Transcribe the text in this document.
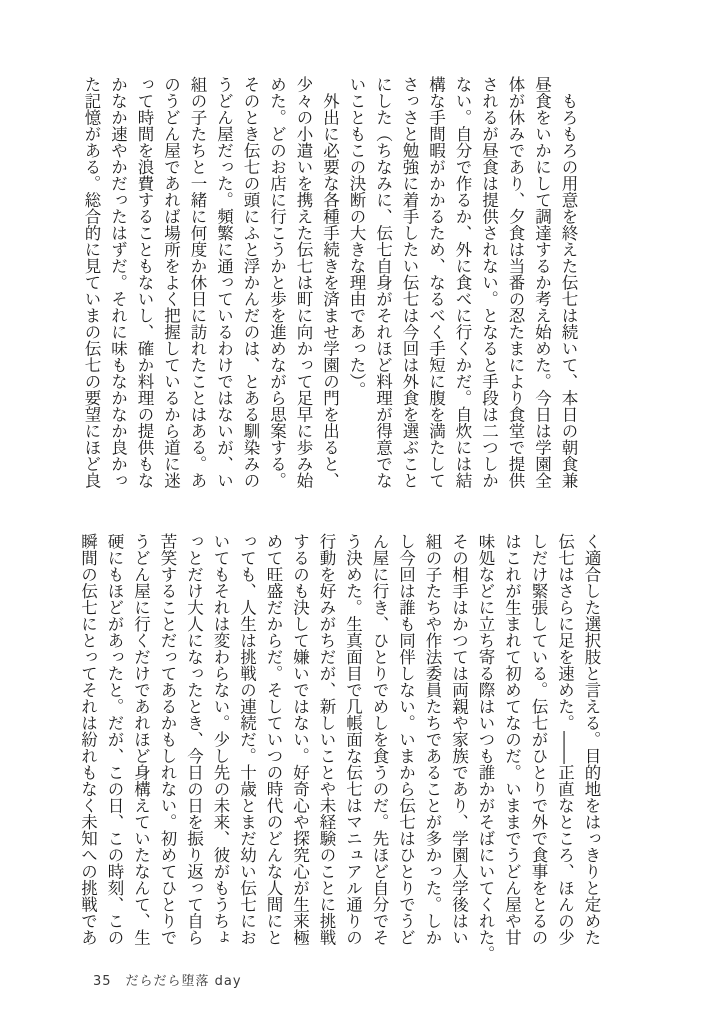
　もろもろの用意を終えた伝七は続いて、本日の朝食兼
昼食をいかにして調達するか考え始めた。今日は学園全
体が休みであり、夕食は当番の忍たまにより食堂で提供
されるが昼食は提供されない。となると手段は二つしか
ない。自分で作るか、外に食べに行くかだ。自炊には結
構な手間暇がかかるため、なるべく手短に腹を満たして
さっさと勉強に着手したい伝七は今回は外食を選ぶこと
にした（ちなみに、伝七自身がそれほど料理が得意でな
いこともこの決断の大きな理由であった）。
　外出に必要な各種手続きを済ませ学園の門を出ると、
少々の小遣いを携えた伝七は町に向かって足早に歩み始
めた。どのお店に行こうかと歩を進めながら思案する。
そのとき伝七の頭にふと浮かんだのは、とある馴染みの
うどん屋だった。頻繁に通っているわけではないが、い
組の子たちと一緒に何度か休日に訪れたことはある。あ
のうどん屋であれば場所をよく把握しているから道に迷
って時間を浪費することもないし、確か料理の提供もな
かなか速やかだったはずだ。それに味もなかなか良かっ
た記憶がある。総合的に見ていまの伝七の要望にほど良
く適合した選択肢と言える。目的地をはっきりと定めた
伝七はさらに足を速めた。――正直なところ、ほんの少
しだけ緊張している。伝七がひとりで外で食事をとるの
はこれが生まれて初めてなのだ。いままでうどん屋や甘
味処などに立ち寄る際はいつも誰かがそばにいてくれた。
その相手はかつては両親や家族であり、学園入学後はい
組の子たちや作法委員たちであることが多かった。しか
し今回は誰も同伴しない。いまから伝七はひとりでうど
ん屋に行き、ひとりでめしを食うのだ。先ほど自分でそ
う決めた。生真面目で几帳面な伝七はマニュアル通りの
行動を好みがちだが、新しいことや未経験のことに挑戦
するのも決して嫌いではない。好奇心や探究心が生来極
めて旺盛だからだ。そしていつの時代のどんな人間にと
っても、人生は挑戦の連続だ。十歳とまだ幼い伝七にお
いてもそれは変わらない。少し先の未来、彼がもうちょ
っとだけ大人になったとき、今日の日を振り返って自ら
苦笑することだってあるかもしれない。初めてひとりで
うどん屋に行くだけであれほど身構えていたなんて、生
硬にもほどがあったと。だが、この日、この時刻、この
瞬間の伝七にとってそれは紛れもなく未知への挑戦であ
35 だらだら堕落 day
